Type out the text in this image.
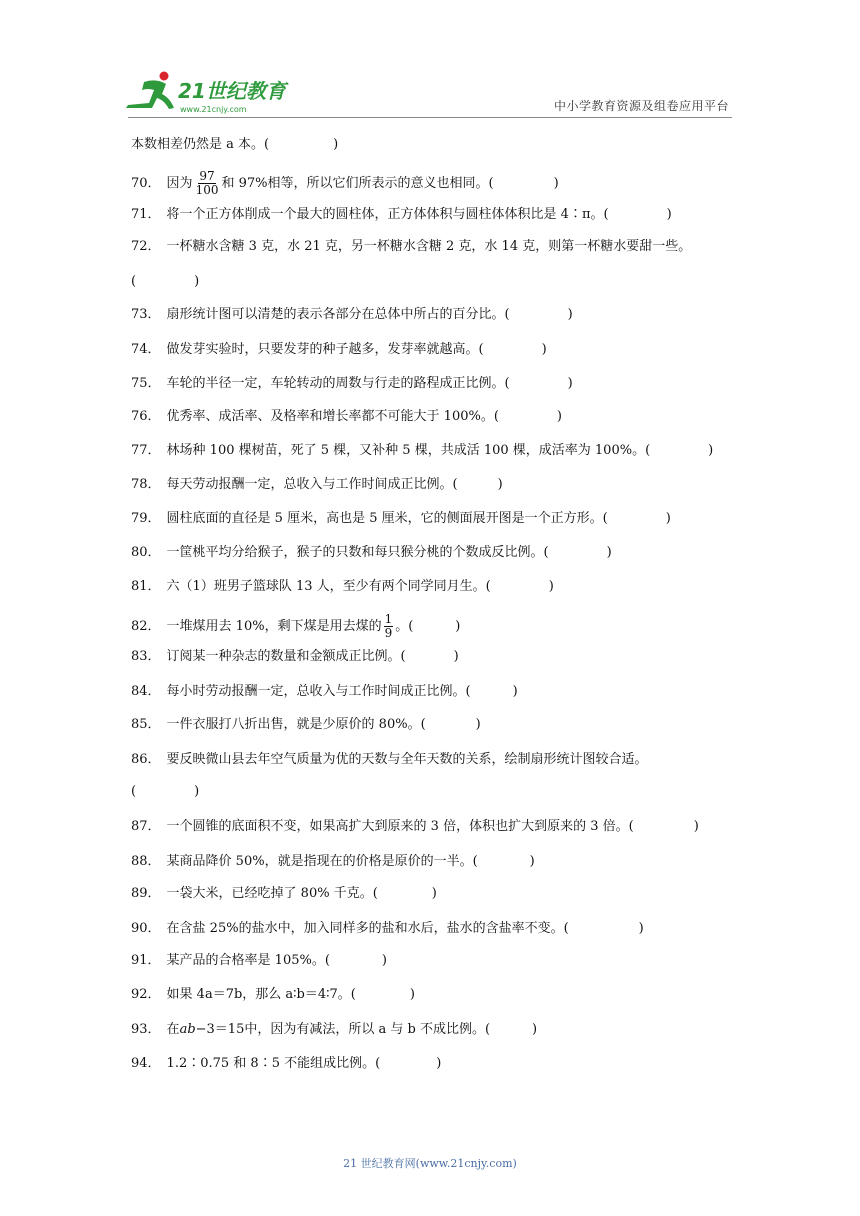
21世纪教育
www.21cnjy.com	中小学教育资源及组卷应用平台
本数相差仍然是 a 本。(	)
70． 因为 $\frac{97}{100}$ 和 97%相等，所以它们所表示的意义也相同。(	)
71． 将一个正方体削成一个最大的圆柱体，正方体体积与圆柱体体积比是 4∶π。(	)
72． 一杯糖水含糖 3 克，水 21 克，另一杯糖水含糖 2 克，水 14 克，则第一杯糖水要甜一些。
(	)
73． 扇形统计图可以清楚的表示各部分在总体中所占的百分比。(	)
74． 做发芽实验时，只要发芽的种子越多，发芽率就越高。(	)
75． 车轮的半径一定，车轮转动的周数与行走的路程成正比例。(	)
76． 优秀率、成活率、及格率和增长率都不可能大于 100%。(	)
77． 林场种 100 棵树苗，死了 5 棵，又补种 5 棵，共成活 100 棵，成活率为 100%。(	)
78． 每天劳动报酬一定，总收入与工作时间成正比例。(	)
79． 圆柱底面的直径是 5 厘米，高也是 5 厘米，它的侧面展开图是一个正方形。(	)
80． 一筐桃平均分给猴子，猴子的只数和每只猴分桃的个数成反比例。(	)
81． 六（1）班男子篮球队 13 人，至少有两个同学同月生。(	)
82． 一堆煤用去 10%，剩下煤是用去煤的 $\frac{1}{9}$ 。(	)
83． 订阅某一种杂志的数量和金额成正比例。(	)
84． 每小时劳动报酬一定，总收入与工作时间成正比例。(	)
85． 一件衣服打八折出售，就是少原价的 80%。(	)
86． 要反映微山县去年空气质量为优的天数与全年天数的关系，绘制扇形统计图较合适。
(	)
87． 一个圆锥的底面积不变，如果高扩大到原来的 3 倍，体积也扩大到原来的 3 倍。(	)
88． 某商品降价 50%，就是指现在的价格是原价的一半。(	)
89． 一袋大米，已经吃掉了 80% 千克。(	)
90． 在含盐 25%的盐水中，加入同样多的盐和水后，盐水的含盐率不变。(	)
91． 某产品的合格率是 105%。(	)
92． 如果 4a＝7b，那么 a∶b＝4∶7。(	)
93． 在 ab −3＝15 中，因为有减法，所以 a 与 b 不成比例。(	)
94． 1.2∶0.75 和 8∶5 不能组成比例。(	)
21 世纪教育网(www.21cnjy.com)
